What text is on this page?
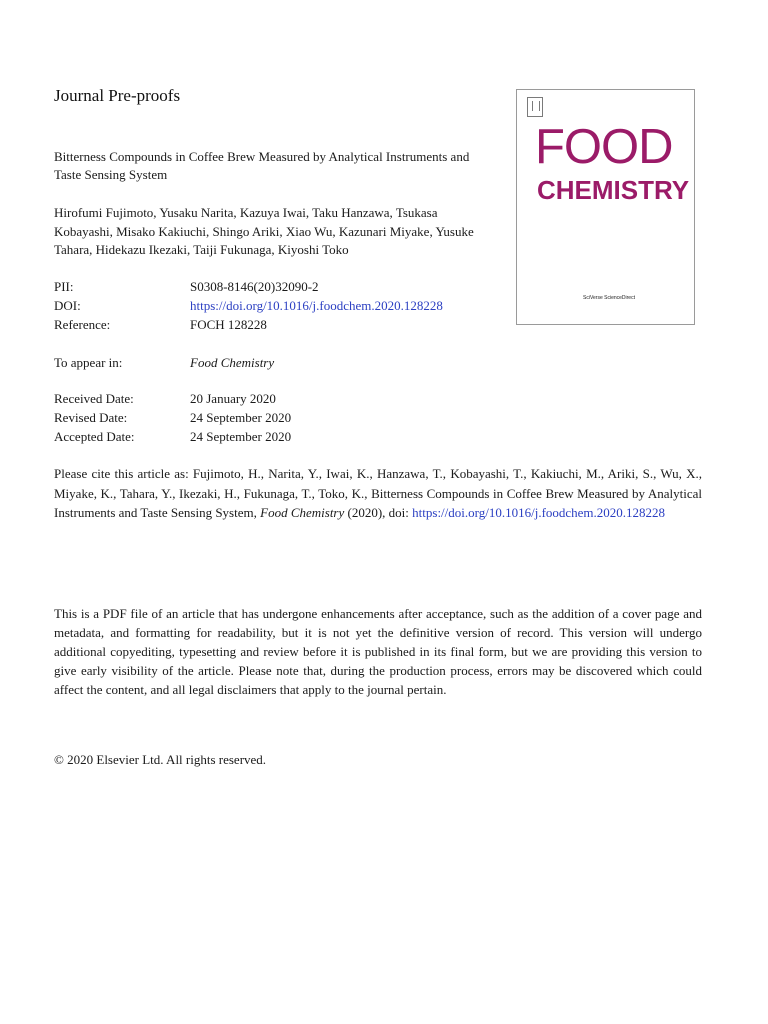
Journal Pre-proofs
Bitterness Compounds in Coffee Brew Measured by Analytical Instruments and Taste Sensing System
Hirofumi Fujimoto, Yusaku Narita, Kazuya Iwai, Taku Hanzawa, Tsukasa Kobayashi, Misako Kakiuchi, Shingo Ariki, Xiao Wu, Kazunari Miyake, Yusuke Tahara, Hidekazu Ikezaki, Taiji Fukunaga, Kiyoshi Toko
PII:	S0308-8146(20)32090-2
DOI:	https://doi.org/10.1016/j.foodchem.2020.128228
Reference:	FOCH 128228
To appear in:	Food Chemistry
Received Date:	20 January 2020
Revised Date:	24 September 2020
Accepted Date:	24 September 2020
Please cite this article as: Fujimoto, H., Narita, Y., Iwai, K., Hanzawa, T., Kobayashi, T., Kakiuchi, M., Ariki, S., Wu, X., Miyake, K., Tahara, Y., Ikezaki, H., Fukunaga, T., Toko, K., Bitterness Compounds in Coffee Brew Measured by Analytical Instruments and Taste Sensing System, Food Chemistry (2020), doi: https://doi.org/10.1016/j.foodchem.2020.128228
This is a PDF file of an article that has undergone enhancements after acceptance, such as the addition of a cover page and metadata, and formatting for readability, but it is not yet the definitive version of record. This version will undergo additional copyediting, typesetting and review before it is published in its final form, but we are providing this version to give early visibility of the article. Please note that, during the production process, errors may be discovered which could affect the content, and all legal disclaimers that apply to the journal pertain.
© 2020 Elsevier Ltd. All rights reserved.
FOOD
CHEMISTRY
SciVerse ScienceDirect
